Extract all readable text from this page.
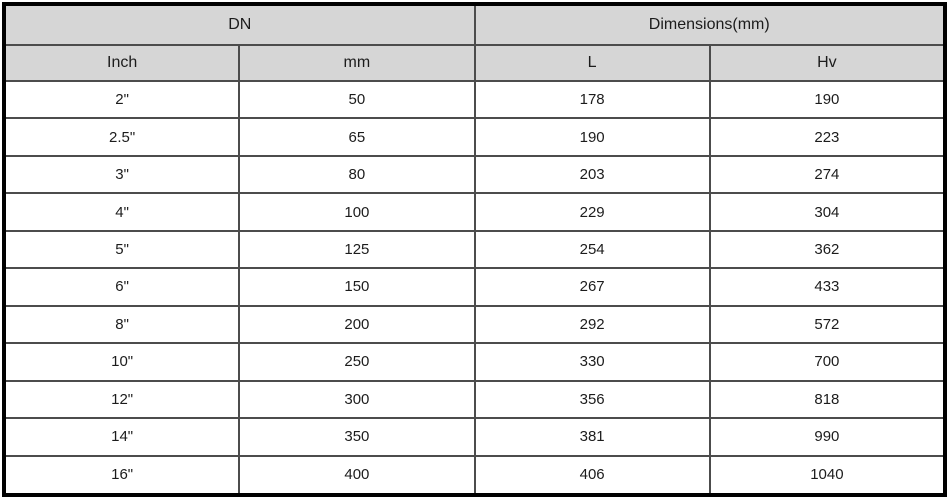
DN		Dimensions(mm)	
Inch	mm	L	Hv
2"	50	178	190
2.5"	65	190	223
3"	80	203	274
4"	100	229	304
5"	125	254	362
6"	150	267	433
8"	200	292	572
10"	250	330	700
12"	300	356	818
14"	350	381	990
16"	400	406	1040
